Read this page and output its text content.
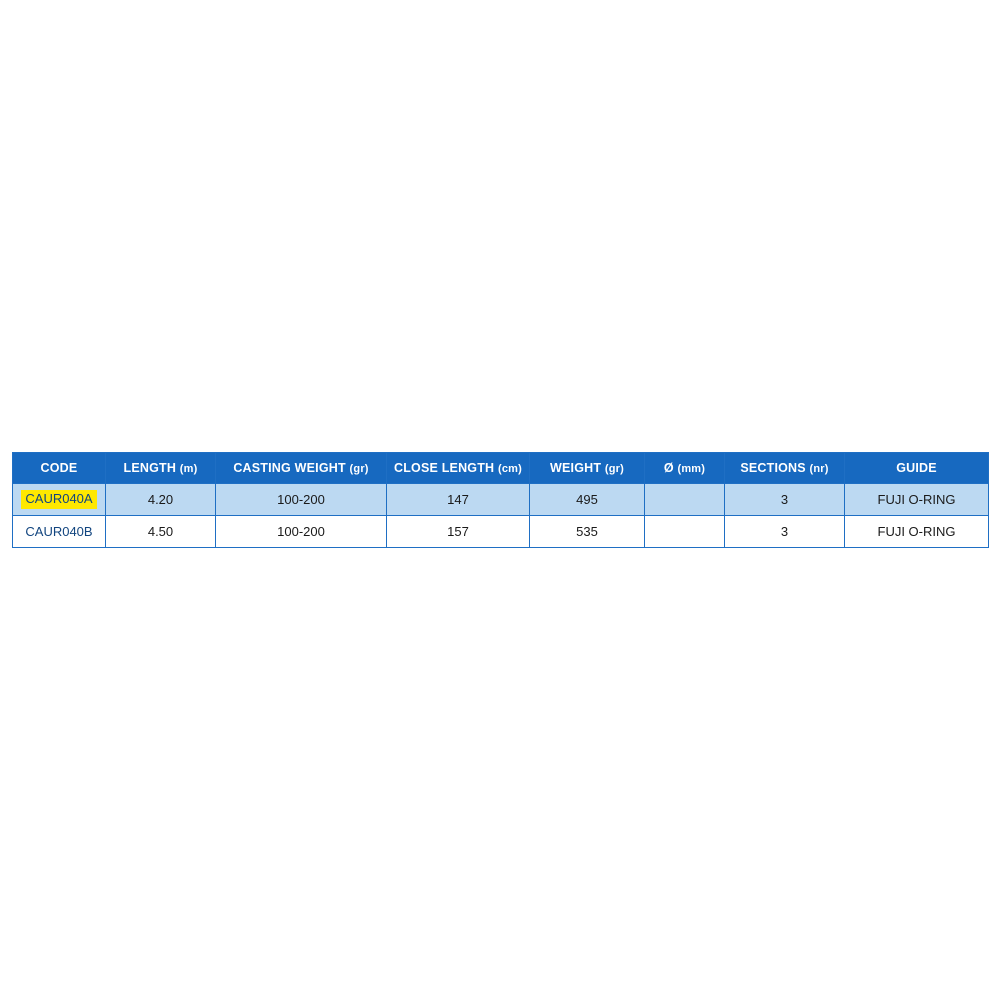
CODE	LENGTH (m)	CASTING WEIGHT (gr)	CLOSE LENGTH (cm)	WEIGHT (gr)	Ø (mm)	SECTIONS (nr)	GUIDE
CAUR040A	4.20	100-200	147	495		3	FUJI O-RING
CAUR040B	4.50	100-200	157	535		3	FUJI O-RING
